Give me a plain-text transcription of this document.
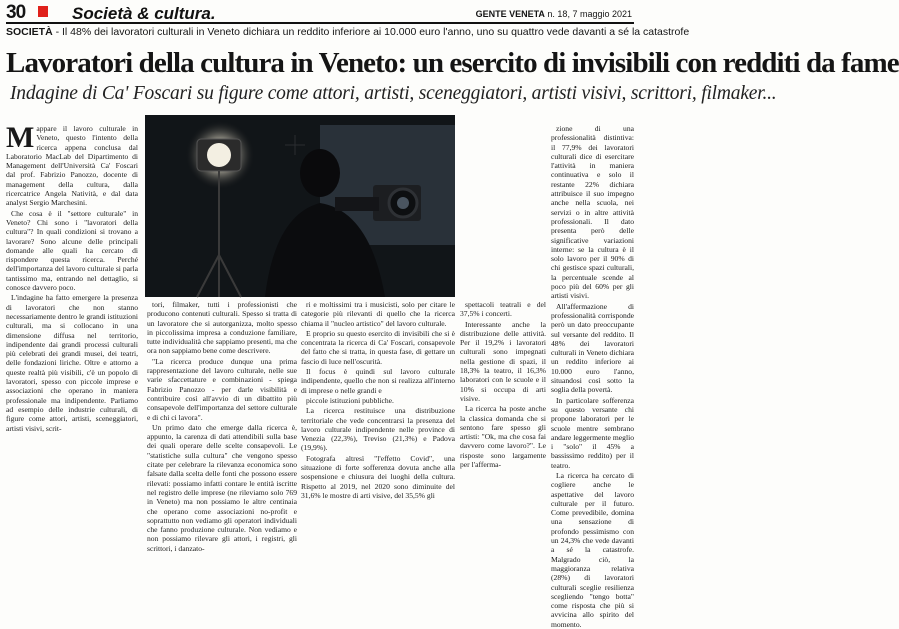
30	Società & cultura.	GENTE VENETA n. 18, 7 maggio 2021
SOCIETÀ - Il 48% dei lavoratori culturali in Veneto dichiara un reddito inferiore ai 10.000 euro l'anno, uno su quattro vede davanti a sé la catastrofe
Lavoratori della cultura in Veneto: un esercito di invisibili con redditi da fame
Indagine di Ca' Foscari su figure come attori, artisti, sceneggiatori, artisti visivi, scrittori, filmaker...

Mappare il lavoro culturale in Veneto, questo l'intento della ricerca appena conclusa dal Laboratorio MacLab del Dipartimento di Management dell'Università Ca' Foscari dal prof. Fabrizio Panozzo, docente di management della cultura, dalla ricercatrice Angela Natività, e dal data analyst Sergio Marchesini.

Che cosa è il "settore culturale" in Veneto? Chi sono i "lavoratori della cultura"? In quali condizioni si trovano a lavorare? Sono alcune delle principali domande alle quali ha cercato di rispondere questa ricerca. Perché dell'importanza del lavoro culturale si parla tantissimo ma, entrando nel dettaglio, si conosce davvero poco.

L'indagine ha fatto emergere la presenza di lavoratori che non stanno necessariamente dentro le grandi istituzioni culturali, ma si collocano in una dimensione diffusa nel territorio, indipendente dai grandi processi culturali più celebrati dei grandi musei, dei teatri, delle fondazioni liriche. Oltre e attorno a queste realtà più visibili, c'è un popolo di lavoratori, spesso con piccole imprese e associazioni che operano in maniera professionale ma indipendente. Parliamo ad esempio delle industrie culturali, di figure come attori, artisti, sceneggiatori, artisti visivi, scrit-

tori, filmaker, tutti i professionisti che producono contenuti culturali. Spesso si tratta di un lavoratore che si autorganizza, molto spesso in piccolissima impresa a conduzione familiare, tutte individualità che sappiamo presenti, ma che ora non sappiamo bene come descrivere.

"La ricerca produce dunque una prima rappresentazione del lavoro culturale, nelle sue varie sfaccettature e combinazioni - spiega Fabrizio Panozzo - per darle visibilità e contribuire così all'avvio di un dibattito più consapevole dell'importanza del settore culturale e di chi ci lavora".

Un primo dato che emerge dalla ricerca è, appunto, la carenza di dati attendibili sulla base dei quali operare delle scelte consapevoli. Le "statistiche sulla cultura" che vengono spesso citate per celebrare la rilevanza economica sono falsate dalla scelta delle fonti che possono essere rilevati: possiamo infatti contare le entità iscritte nel registro delle imprese (ne rileviamo solo 769 in Veneto) ma non possiamo le altre centinaia che operano come associazioni no-profit e soprattutto non vediamo gli operatori individuali che fanno produzione culturale. Non vediamo e non possiamo rilevare gli attori, i registri, gli scrittori, i danzato-

ri e moltissimi tra i musicisti, solo per citare le categorie più rilevanti di quello che la ricerca chiama il "nucleo artistico" del lavoro culturale.

E proprio su questo esercito di invisibili che si è concentrata la ricerca di Ca' Foscari, consapevole del fatto che si tratta, in questa fase, di gettare un fascio di luce nell'oscurità.

Il focus è quindi sul lavoro culturale indipendente, quello che non si realizza all'interno di imprese o nelle grandi e

piccole istituzioni pubbliche.

La ricerca restituisce una distribuzione territoriale che vede concentrarsi la presenza del lavoro culturale indipendente nelle province di Venezia (22,3%), Treviso (21,3%) e Padova (19,9%).

Fotografa altresì "l'effetto Covid", una situazione di forte sofferenza dovuta anche alla sospensione e chiusura dei luoghi della cultura. Rispetto al 2019, nel 2020 sono diminuite del 31,6% le mostre di arti visive, del 35,5% gli

spettacoli teatrali e del 37,5% i concerti.

Interessante anche la distribuzione delle attività. Per il 19,2% i lavoratori culturali sono impegnati nella gestione di spazi, il 18,3% la teatro, il 16,3% laboratori con le scuole e il 10% si occupa di arti visive.

La ricerca ha poste anche la classica domanda che si sentono fare spesso gli artisti: "Ok, ma che cosa fai davvero come lavoro?". Le risposte sono largamente per l'afferma-

zione di una professionalità distintiva: il 77,9% dei lavoratori culturali dice di esercitare l'attività in maniera continuativa e solo il restante 22% dichiara attribuisce il suo impegno anche nella scuola, nei servizi o in altre attività professionali. Il dato presenta però delle significative variazioni interne: se la cultura è il solo lavoro per il 90% di chi gestisce spazi culturali, la percentuale scende al poco più del 60% per gli artisti visivi.

All'affermazione di professionalità corrisponde però un dato preoccupante sul versante del reddito. Il 48% dei lavoratori culturali in Veneto dichiara un reddito inferiore ai 10.000 euro l'anno, situandosi così sotto la soglia della povertà.

In particolare sofferenza su questo versante chi propone laboratori per le scuole mentre sembrano andare leggermente meglio i "solo" il 45% a bassissimo reddito) per il teatro.

La ricerca ha cercato di cogliere anche le aspettative del lavoro culturale per il futuro. Come prevedibile, domina una sensazione di profondo pessimismo con un 24,3% che vede davanti a sé la catastrofe. Malgrado ciò, la maggioranza relativa (28%) di lavoratori culturali sceglie resilienza scegliendo "tengo botta" come risposta che più si avvicina allo spirito del momento.
